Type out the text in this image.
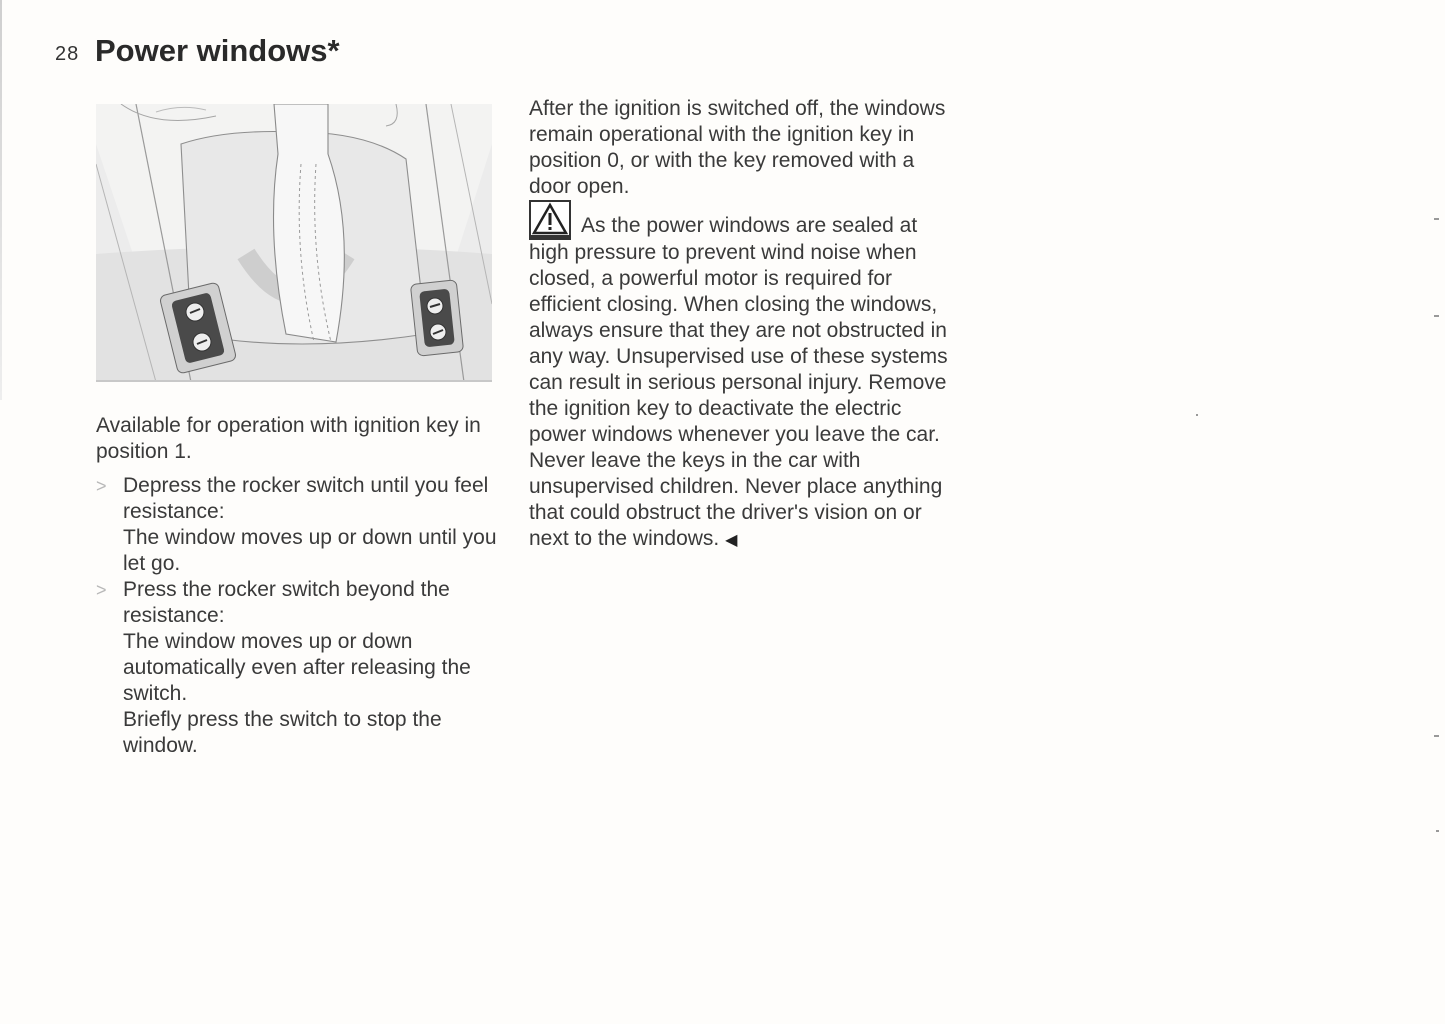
28 Power windows*

Available for operation with ignition key in position 1.

> Depress the rocker switch until you feel resistance:

The window moves up or down until you let go.

> Press the rocker switch beyond the resistance:

The window moves up or down automatically even after releasing the switch.

Briefly press the switch to stop the window.

After the ignition is switched off, the windows remain operational with the ignition key in position 0, or with the key removed with a door open.

As the power windows are sealed at high pressure to prevent wind noise when closed, a powerful motor is required for efficient closing. When closing the windows, always ensure that they are not obstructed in any way. Unsupervised use of these systems can result in serious personal injury. Remove the ignition key to deactivate the electric power windows whenever you leave the car. Never leave the keys in the car with unsupervised children. Never place anything that could obstruct the driver's vision on or next to the windows. ◀
